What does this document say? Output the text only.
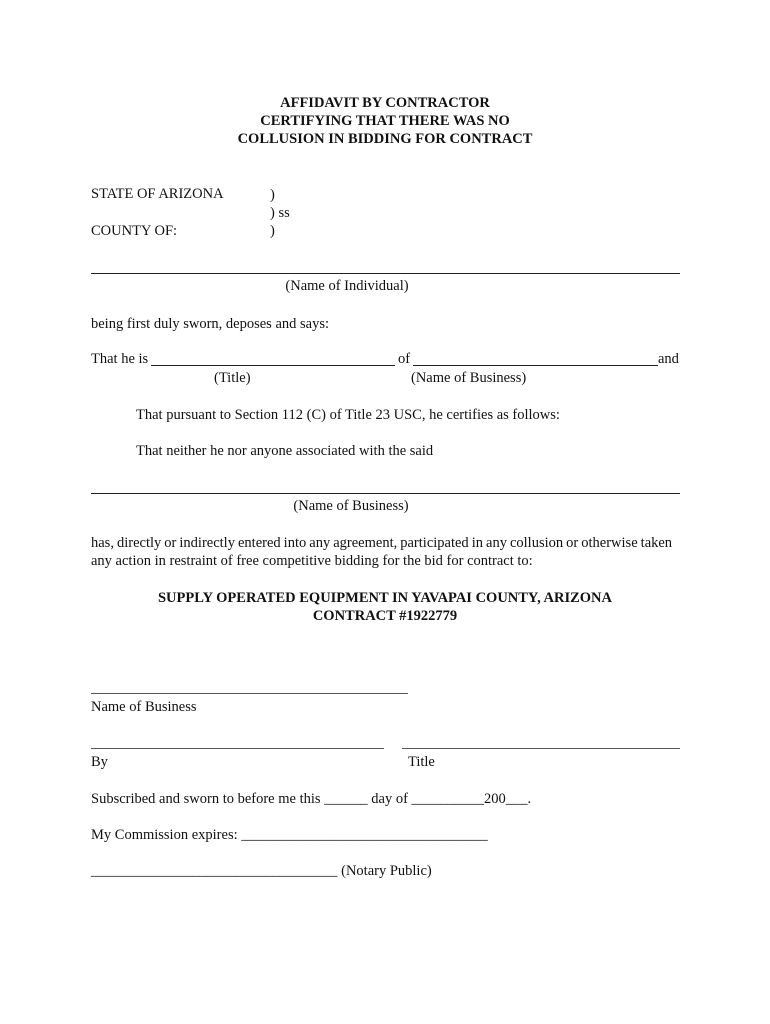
AFFIDAVIT BY CONTRACTOR
CERTIFYING THAT THERE WAS NO
COLLUSION IN BIDDING FOR CONTRACT
STATE OF ARIZONA	)
) ss
COUNTY OF:	)
(Name of Individual)
being first duly sworn, deposes and says:
That he is	of	and
(Title)	(Name of Business)
That pursuant to Section 112 (C) of Title 23 USC, he certifies as follows:
That neither he nor anyone associated with the said
(Name of Business)
has, directly or indirectly entered into any agreement, participated in any collusion or otherwise taken
any action in restraint of free competitive bidding for the bid for contract to:
SUPPLY OPERATED EQUIPMENT IN YAVAPAI COUNTY, ARIZONA
CONTRACT #1922779
Name of Business
By	Title
Subscribed and sworn to before me this ______ day of __________200___.
My Commission expires: __________________________________
__________________________________ (Notary Public)
